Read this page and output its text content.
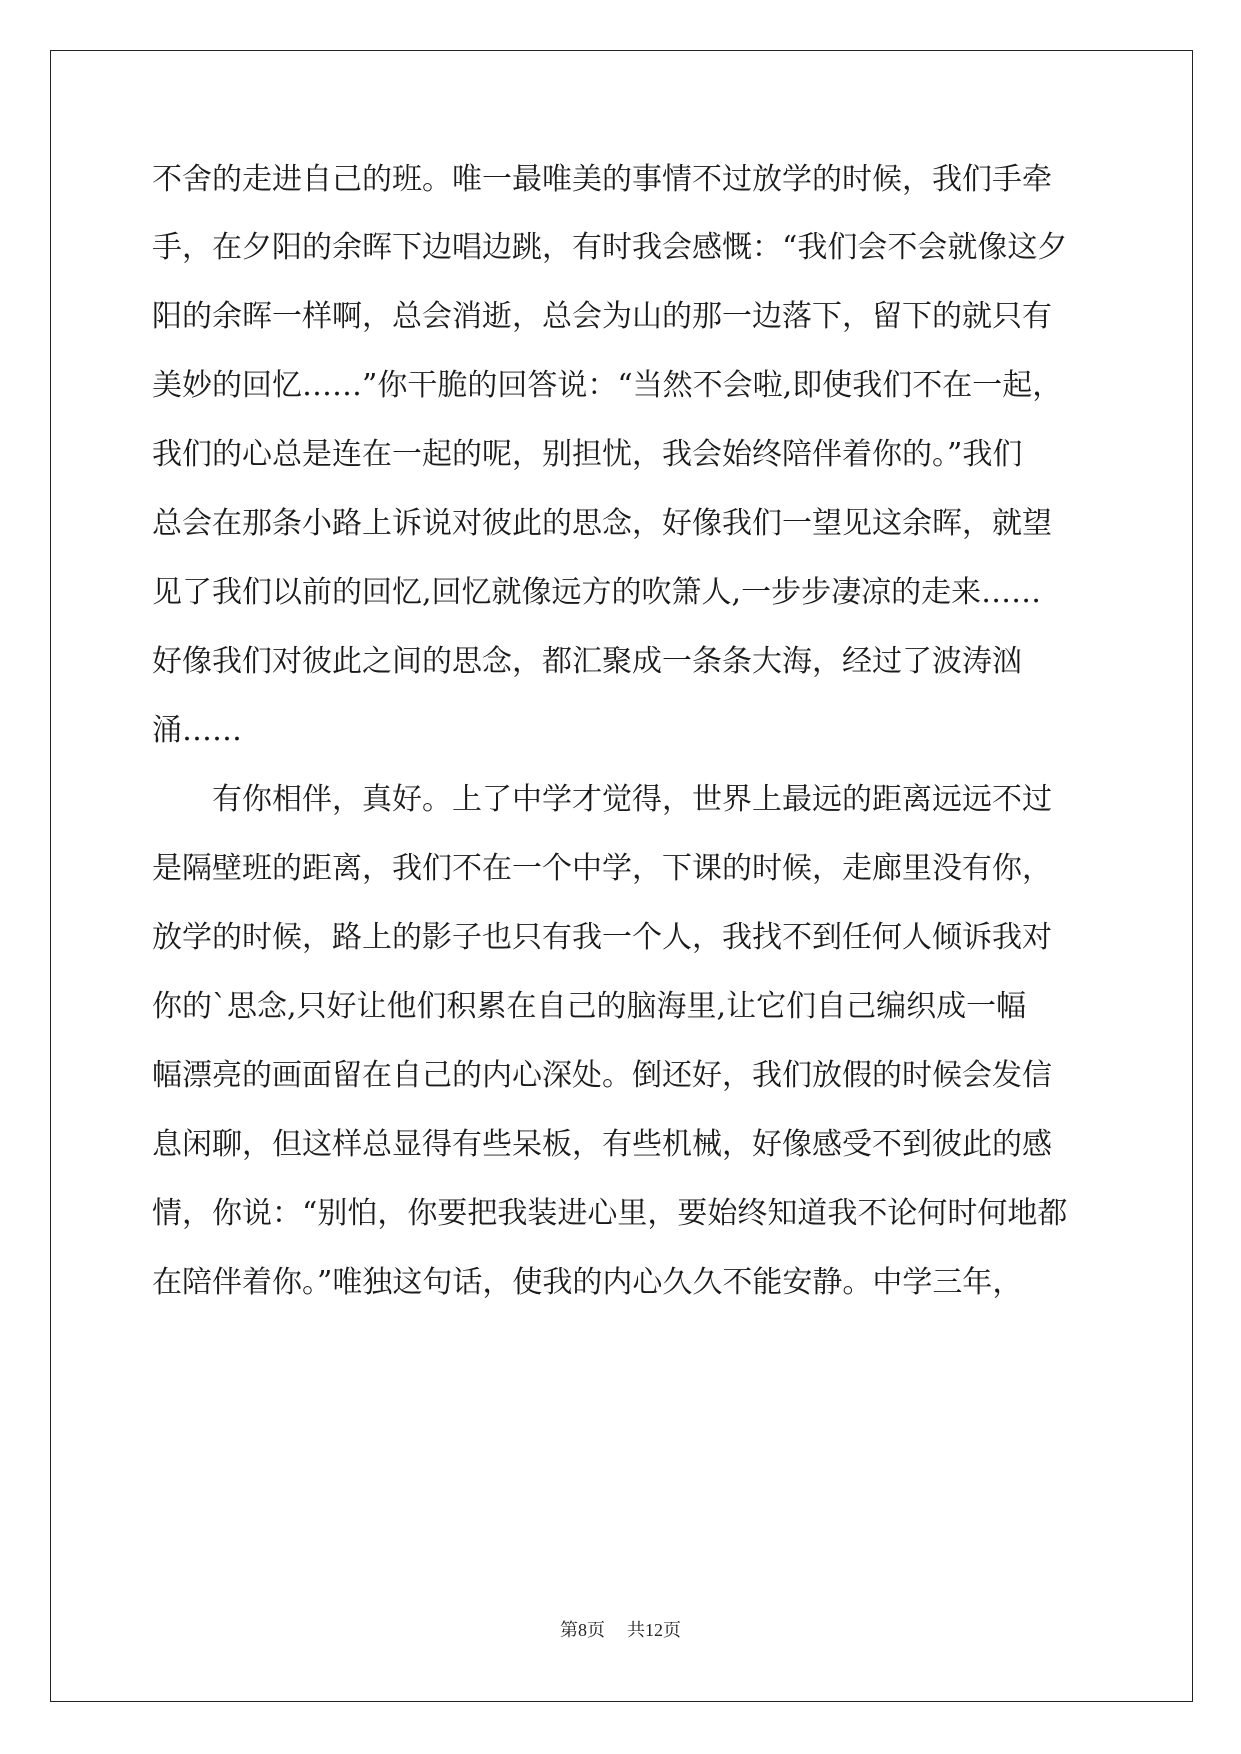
不舍的走进自己的班。唯一最唯美的事情不过放学的时候，我们手牵
手，在夕阳的余晖下边唱边跳，有时我会感慨：“我们会不会就像这夕
阳的余晖一样啊，总会消逝，总会为山的那一边落下，留下的就只有
美妙的回忆……”你干脆的回答说：“当然不会啦,即使我们不在一起，
我们的心总是连在一起的呢，别担忧，我会始终陪伴着你的。”我们
总会在那条小路上诉说对彼此的思念，好像我们一望见这余晖，就望
见了我们以前的回忆,回忆就像远方的吹箫人,一步步凄凉的走来……
好像我们对彼此之间的思念，都汇聚成一条条大海，经过了波涛汹
涌……
有你相伴，真好。上了中学才觉得，世界上最远的距离远远不过
是隔壁班的距离，我们不在一个中学，下课的时候，走廊里没有你，
放学的时候，路上的影子也只有我一个人，我找不到任何人倾诉我对
你的`思念,只好让他们积累在自己的脑海里,让它们自己编织成一幅
幅漂亮的画面留在自己的内心深处。倒还好，我们放假的时候会发信
息闲聊，但这样总显得有些呆板，有些机械，好像感受不到彼此的感
情，你说：“别怕，你要把我装进心里，要始终知道我不论何时何地都
在陪伴着你。”唯独这句话，使我的内心久久不能安静。中学三年，
第8页 共12页
